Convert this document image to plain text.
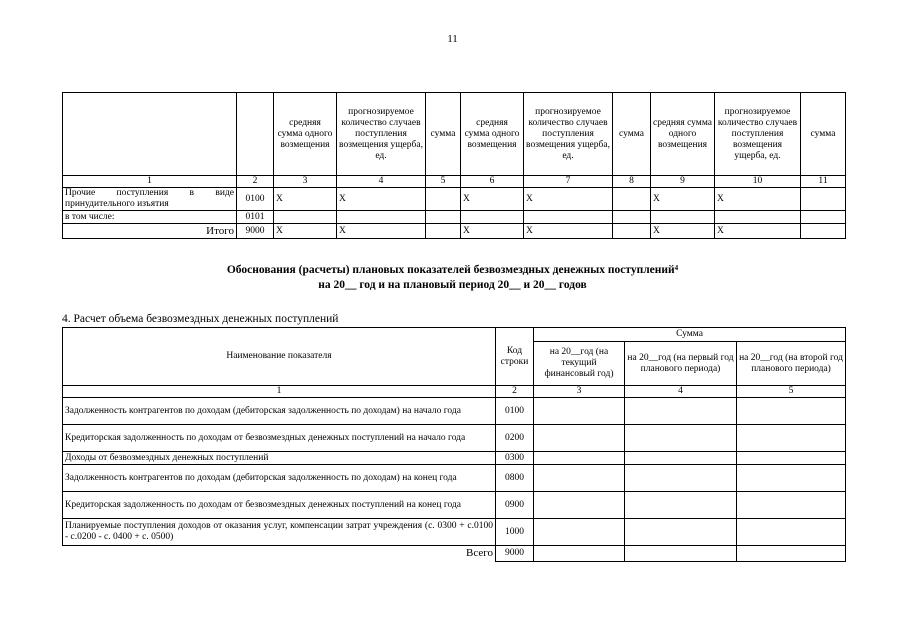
11
		средняя сумма одного возмещения	прогнозируемое количество случаев поступления возмещения ущерба, ед.	сумма	средняя сумма одного возмещения	прогнозируемое количество случаев поступления возмещения ущерба, ед.	сумма	средняя сумма одного возмещения	прогнозируемое количество случаев поступления возмещения ущерба, ед.	сумма
1	2	3	4	5	6	7	8	9	10	11
Прочие поступления в виде принудительного изъятия	0100	X	X		X	X		X	X	
в том числе:	0101									
Итого	9000	X	X		X	X		X	X	
Обоснования (расчеты) плановых показателей безвозмездных денежных поступлений$^4$
на 20__ год и на плановый период 20__ и 20__ годов
4. Расчет объема безвозмездных денежных поступлений
Наименование показателя	Код строки	Сумма		
		на 20__год (на текущий финансовый год)	на 20__год (на первый год планового периода)	на 20__год (на второй год планового периода)
1	2	3	4	5
Задолженность контрагентов по доходам (дебиторская задолженность по доходам) на начало года	0100			
Кредиторская задолженность по доходам от безвозмездных денежных поступлений на начало года	0200			
Доходы от безвозмездных денежных поступлений	0300			
Задолженность контрагентов по доходам (дебиторская задолженность по доходам) на конец года	0800			
Кредиторская задолженность по доходам от безвозмездных денежных поступлений на конец года	0900			
Планируемые поступления доходов от оказания услуг, компенсации затрат учреждения (с. 0300 + с.0100 - с.0200 - с. 0400 + с. 0500)	1000			
Всего	9000			
